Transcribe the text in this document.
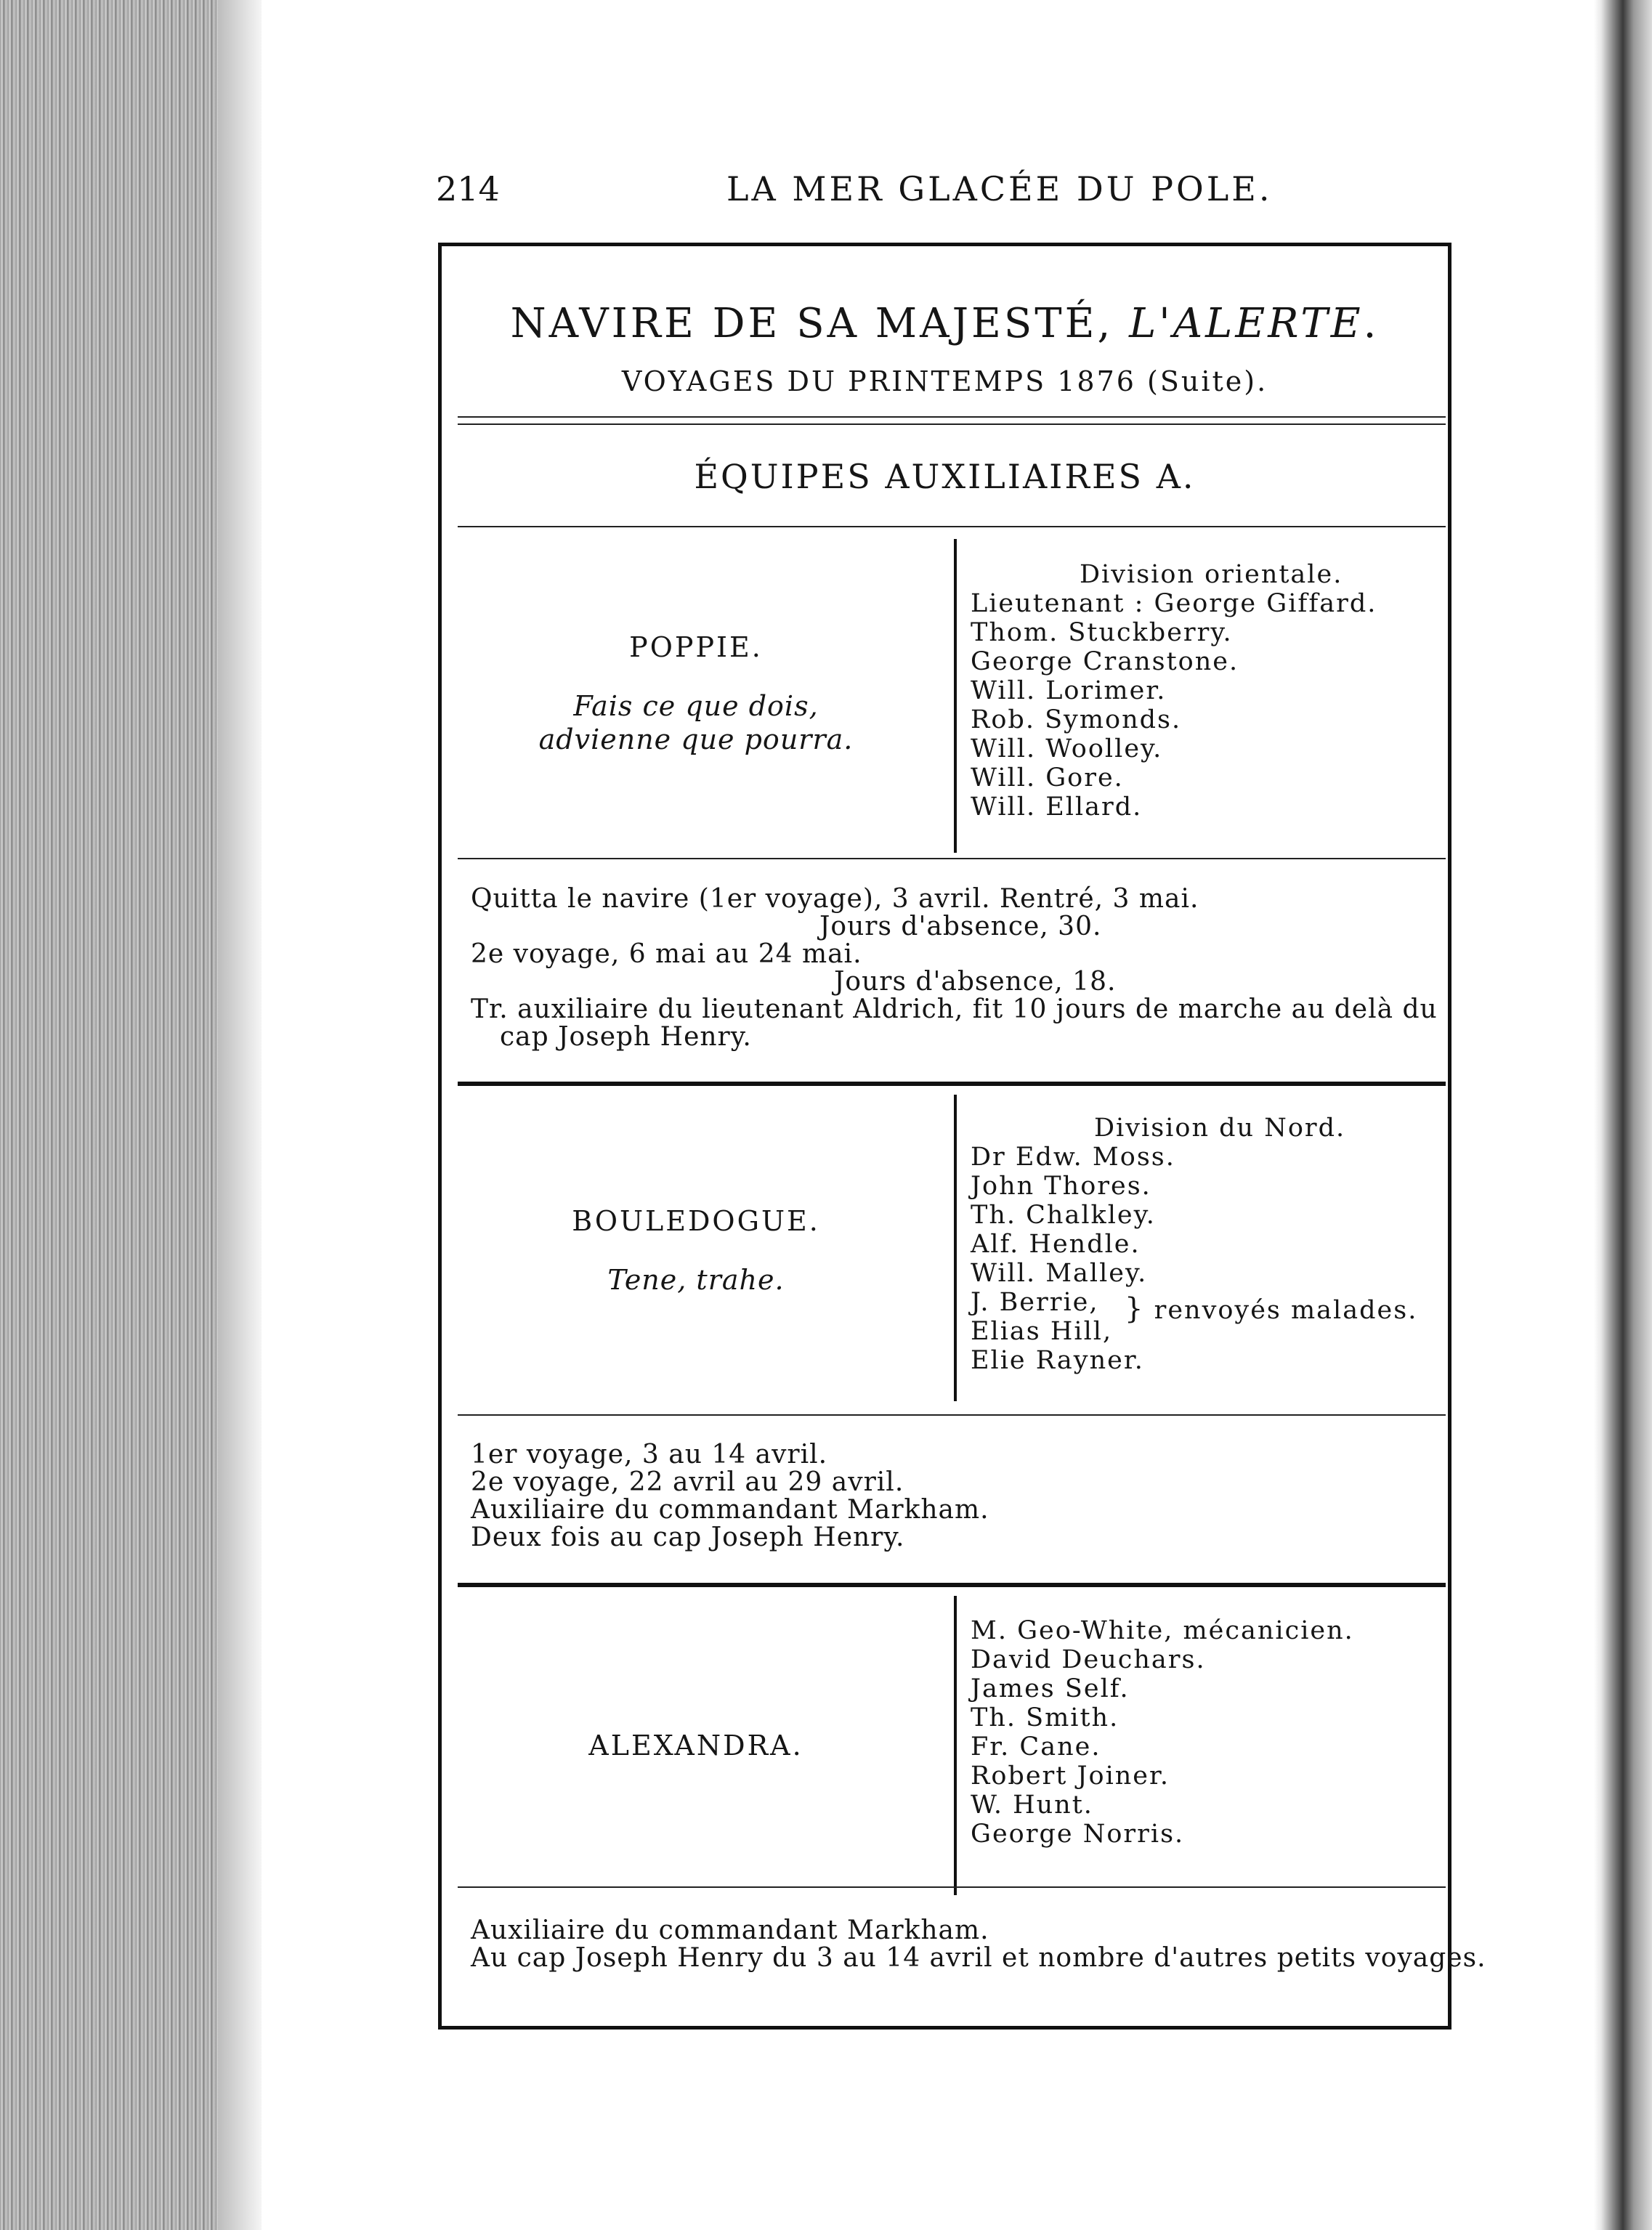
214	LA MER GLACÉE DU POLE.
NAVIRE DE SA MAJESTÉ, L'ALERTE.
VOYAGES DU PRINTEMPS 1876 (Suite).
ÉQUIPES AUXILIAIRES A.
POPPIE.
Fais ce que dois,
advienne que pourra.
Division orientale.
Lieutenant : George Giffard.
Thom. Stuckberry.
George Cranstone.
Will. Lorimer.
Rob. Symonds.
Will. Woolley.
Will. Gore.
Will. Ellard.
Quitta le navire (1er voyage), 3 avril. Rentré, 3 mai.
Jours d'absence, 30.
2e voyage, 6 mai au 24 mai.
Jours d'absence, 18.
Tr. auxiliaire du lieutenant Aldrich, fit 10 jours de marche au delà du
cap Joseph Henry.
BOULEDOGUE.
Tene, trahe.
Division du Nord.
Dr Edw. Moss.
John Thores.
Th. Chalkley.
Alf. Hendle.
Will. Malley.
J. Berrie,
Elias Hill,
Elie Rayner.
} renvoyés malades.
1er voyage, 3 au 14 avril.
2e voyage, 22 avril au 29 avril.
Auxiliaire du commandant Markham.
Deux fois au cap Joseph Henry.
ALEXANDRA.
M. Geo-White, mécanicien.
David Deuchars.
James Self.
Th. Smith.
Fr. Cane.
Robert Joiner.
W. Hunt.
George Norris.
Auxiliaire du commandant Markham.
Au cap Joseph Henry du 3 au 14 avril et nombre d'autres petits voyages.
